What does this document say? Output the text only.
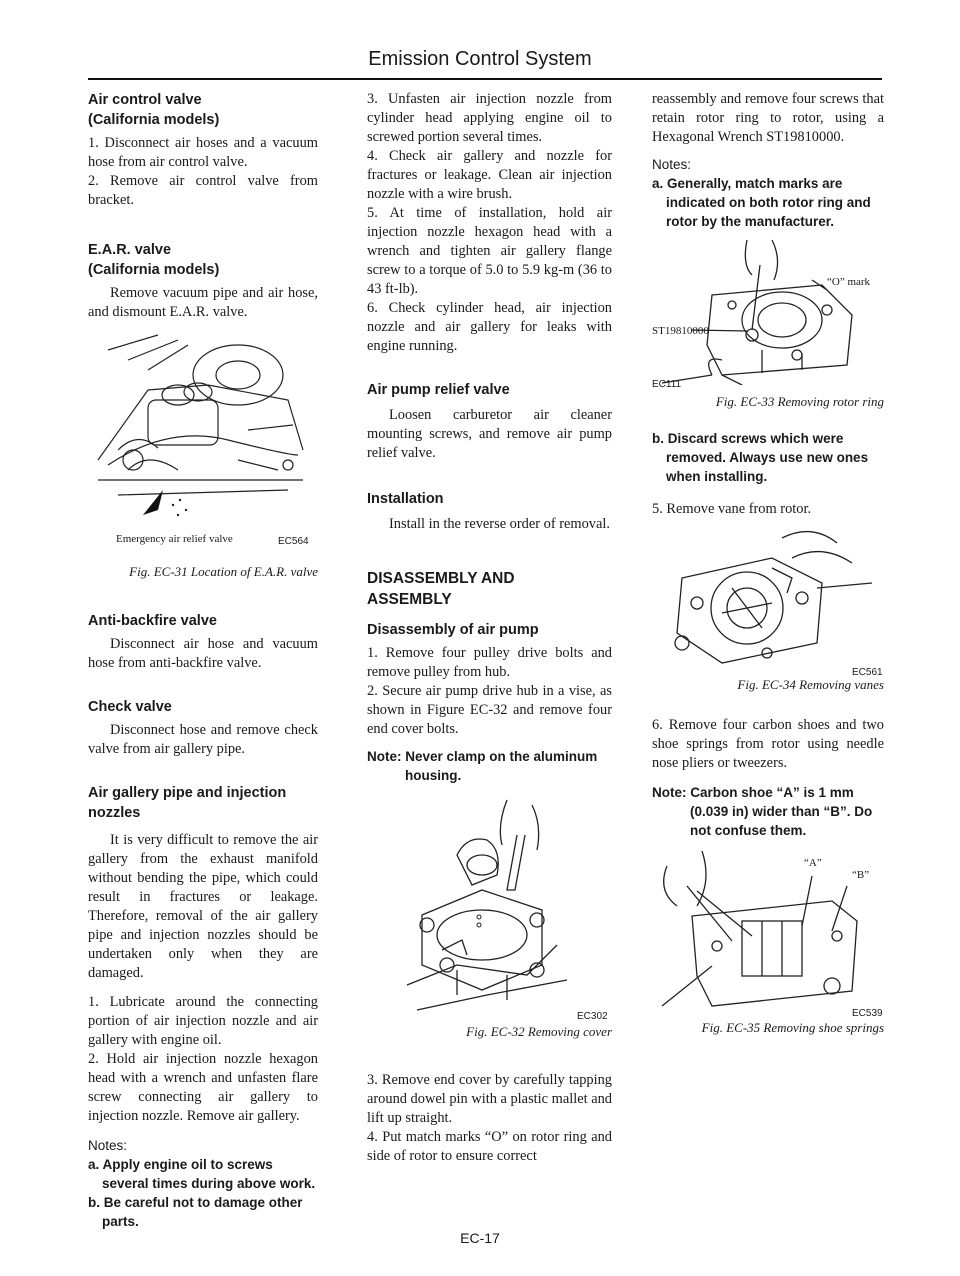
Emission Control System
Air control valve
(California models)

1. Disconnect air hoses and a vacuum hose from air control valve.

2. Remove air control valve from bracket.

E.A.R. valve
(California models)

Remove vacuum pipe and air hose, and dismount E.A.R. valve.

Emergency air relief valve	EC564
Fig. EC-31 Location of E.A.R. valve
Anti-backfire valve

Disconnect air hose and vacuum hose from anti-backfire valve.

Check valve

Disconnect hose and remove check valve from air gallery pipe.

Air gallery pipe and injection nozzles

It is very difficult to remove the air gallery from the exhaust manifold without bending the pipe, which could result in fractures or leakage. Therefore, removal of the air gallery pipe and injection nozzles should be undertaken only when they are damaged.

1. Lubricate around the connecting portion of air injection nozzle and air gallery with engine oil.

2. Hold air injection nozzle hexagon head with a wrench and unfasten flare screw connecting air gallery to injection nozzle. Remove air gallery.

Notes:
a. Apply engine oil to screws several times during above work.
b. Be careful not to damage other parts.

3. Unfasten air injection nozzle from cylinder head applying engine oil to screwed portion several times.

4. Check air gallery and nozzle for fractures or leakage. Clean air injection nozzle with a wire brush.

5. At time of installation, hold air injection nozzle hexagon head with a wrench and tighten air gallery flange screw to a torque of 5.0 to 5.9 kg-m (36 to 43 ft-lb).

6. Check cylinder head, air injection nozzle and air gallery for leaks with engine running.

Air pump relief valve

Loosen carburetor air cleaner mounting screws, and remove air pump relief valve.

Installation

Install in the reverse order of removal.

DISASSEMBLY AND ASSEMBLY
Disassembly of air pump

1. Remove four pulley drive bolts and remove pulley from hub.

2. Secure air pump drive hub in a vise, as shown in Figure EC-32 and remove four end cover bolts.

Note: Never clamp on the aluminum housing.
EC302
Fig. EC-32 Removing cover

3. Remove end cover by carefully tapping around dowel pin with a plastic mallet and lift up straight.

4. Put match marks “O” on rotor ring and side of rotor to ensure correct

reassembly and remove four screws that retain rotor ring to rotor, using a Hexagonal Wrench ST19810000.

Notes:
a. Generally, match marks are indicated on both rotor ring and rotor by the manufacturer.
ST19810000
“O” mark
EC111
Fig. EC-33 Removing rotor ring
b. Discard screws which were removed. Always use new ones when installing.

5. Remove vane from rotor.

EC561
Fig. EC-34 Removing vanes

6. Remove four carbon shoes and two shoe springs from rotor using needle nose pliers or tweezers.

Note: Carbon shoe “A” is 1 mm (0.039 in) wider than “B”. Do not confuse them.
“A”
“B”
EC539
Fig. EC-35 Removing shoe springs
EC-17
